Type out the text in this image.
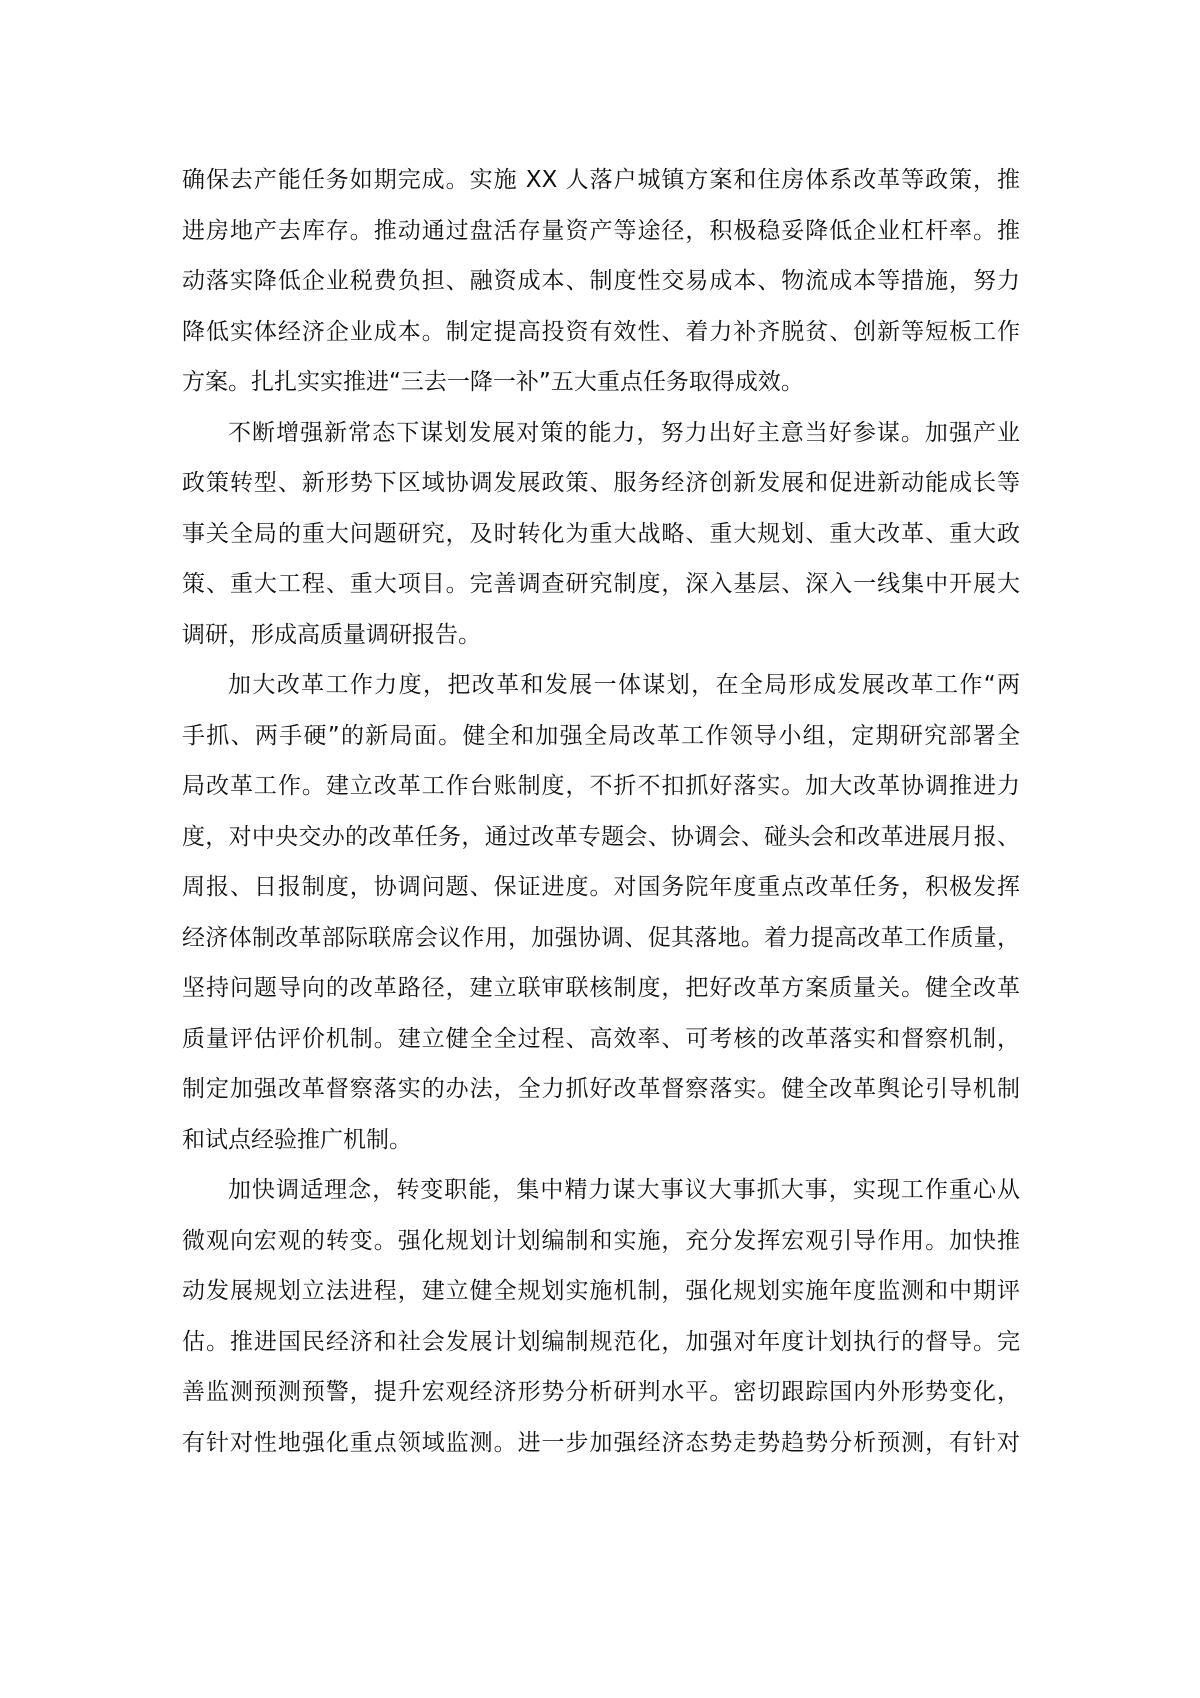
确保去产能任务如期完成。实施 XX 人落户城镇方案和住房体系改革等政策，推
进房地产去库存。推动通过盘活存量资产等途径，积极稳妥降低企业杠杆率。推
动落实降低企业税费负担、融资成本、制度性交易成本、物流成本等措施，努力
降低实体经济企业成本。制定提高投资有效性、着力补齐脱贫、创新等短板工作
方案。扎扎实实推进“三去一降一补”五大重点任务取得成效。
不断增强新常态下谋划发展对策的能力，努力出好主意当好参谋。加强产业
政策转型、新形势下区域协调发展政策、服务经济创新发展和促进新动能成长等
事关全局的重大问题研究，及时转化为重大战略、重大规划、重大改革、重大政
策、重大工程、重大项目。完善调查研究制度，深入基层、深入一线集中开展大
调研，形成高质量调研报告。
加大改革工作力度，把改革和发展一体谋划，在全局形成发展改革工作“两
手抓、两手硬”的新局面。健全和加强全局改革工作领导小组，定期研究部署全
局改革工作。建立改革工作台账制度，不折不扣抓好落实。加大改革协调推进力
度，对中央交办的改革任务，通过改革专题会、协调会、碰头会和改革进展月报、
周报、日报制度，协调问题、保证进度。对国务院年度重点改革任务，积极发挥
经济体制改革部际联席会议作用，加强协调、促其落地。着力提高改革工作质量，
坚持问题导向的改革路径，建立联审联核制度，把好改革方案质量关。健全改革
质量评估评价机制。建立健全全过程、高效率、可考核的改革落实和督察机制，
制定加强改革督察落实的办法，全力抓好改革督察落实。健全改革舆论引导机制
和试点经验推广机制。
加快调适理念，转变职能，集中精力谋大事议大事抓大事，实现工作重心从
微观向宏观的转变。强化规划计划编制和实施，充分发挥宏观引导作用。加快推
动发展规划立法进程，建立健全规划实施机制，强化规划实施年度监测和中期评
估。推进国民经济和社会发展计划编制规范化，加强对年度计划执行的督导。完
善监测预测预警，提升宏观经济形势分析研判水平。密切跟踪国内外形势变化，
有针对性地强化重点领域监测。进一步加强经济态势走势趋势分析预测，有针对
